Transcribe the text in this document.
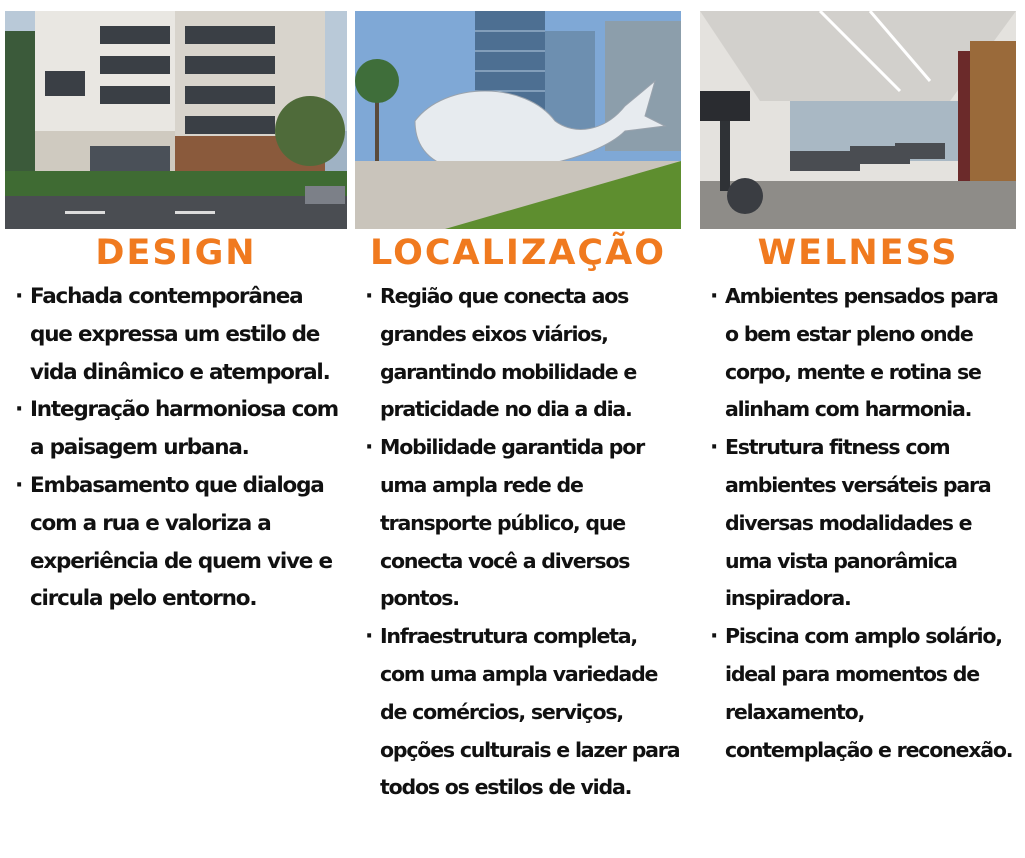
DESIGN
· Fachada contemporânea que expressa um estilo de vida dinâmico e atemporal.
· Integração harmoniosa com a paisagem urbana.
· Embasamento que dialoga com a rua e valoriza a experiência de quem vive e circula pelo entorno.
LOCALIZAÇÃO
· Região que conecta aos grandes eixos viários, garantindo mobilidade e praticidade no dia a dia.
· Mobilidade garantida por uma ampla rede de transporte público, que conecta você a diversos pontos.
· Infraestrutura completa, com uma ampla variedade de comércios, serviços, opções culturais e lazer para todos os estilos de vida.
WELNESS
· Ambientes pensados para o bem estar pleno onde corpo, mente e rotina se alinham com harmonia.
· Estrutura fitness com ambientes versáteis para diversas modalidades e uma vista panorâmica inspiradora.
· Piscina com amplo solário, ideal para momentos de relaxamento, contemplação e reconexão.
